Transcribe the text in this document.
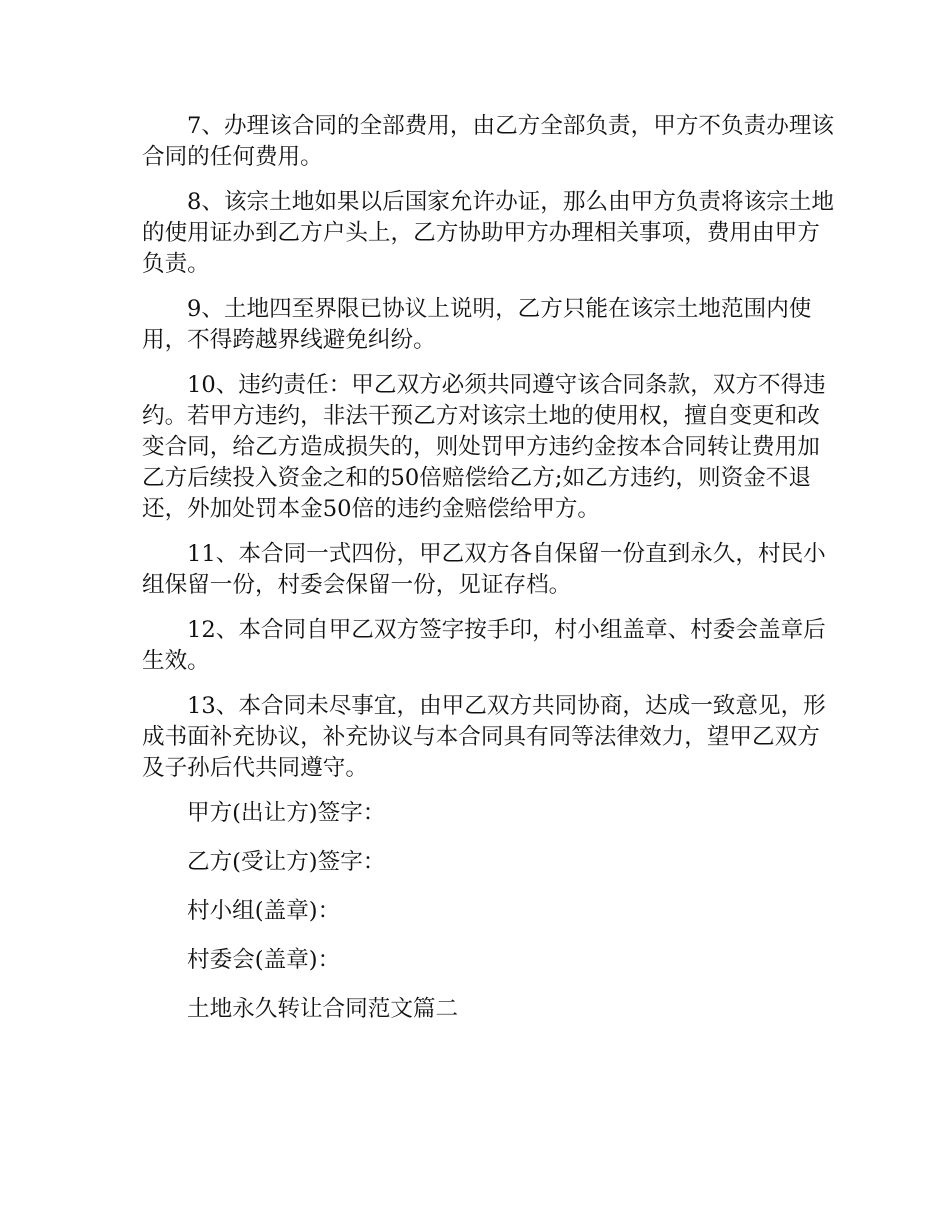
7、办理该合同的全部费用，由乙方全部负责，甲方不负责办理该合同的任何费用。

8、该宗土地如果以后国家允许办证，那么由甲方负责将该宗土地的使用证办到乙方户头上，乙方协助甲方办理相关事项，费用由甲方负责。

9、土地四至界限已协议上说明，乙方只能在该宗土地范围内使用，不得跨越界线避免纠纷。

10、违约责任：甲乙双方必须共同遵守该合同条款，双方不得违约。若甲方违约，非法干预乙方对该宗土地的使用权，擅自变更和改变合同，给乙方造成损失的，则处罚甲方违约金按本合同转让费用加乙方后续投入资金之和的50倍赔偿给乙方;如乙方违约，则资金不退还，外加处罚本金50倍的违约金赔偿给甲方。

11、本合同一式四份，甲乙双方各自保留一份直到永久，村民小组保留一份，村委会保留一份，见证存档。

12、本合同自甲乙双方签字按手印，村小组盖章、村委会盖章后生效。

13、本合同未尽事宜，由甲乙双方共同协商，达成一致意见，形成书面补充协议，补充协议与本合同具有同等法律效力，望甲乙双方及子孙后代共同遵守。

甲方(出让方)签字：

乙方(受让方)签字：

村小组(盖章)：

村委会(盖章)：

土地永久转让合同范文篇二
